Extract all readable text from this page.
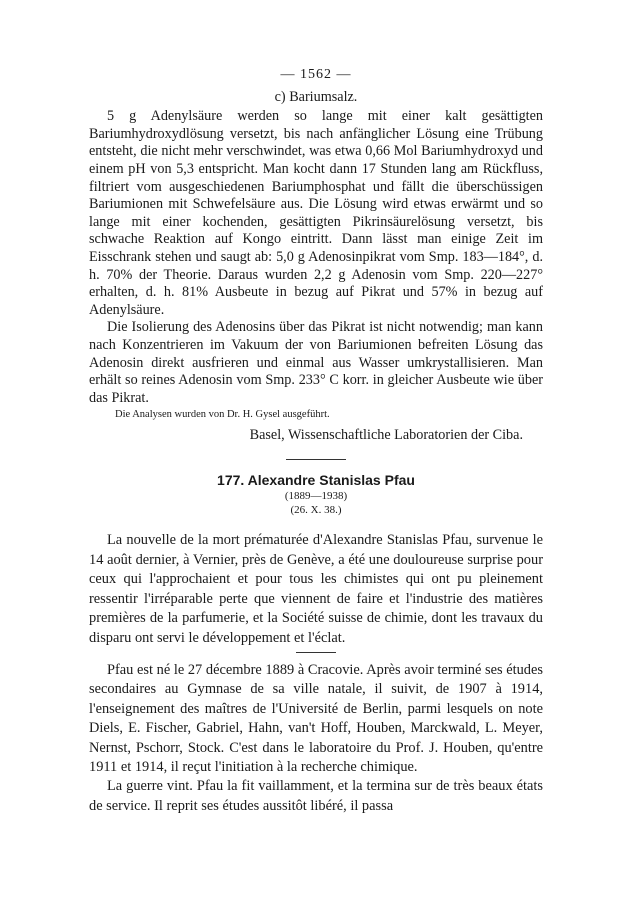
— 1562 —
c) Bariumsalz.

5 g Adenylsäure werden so lange mit einer kalt gesättigten Bariumhydroxydlösung versetzt, bis nach anfänglicher Lösung eine Trübung entsteht, die nicht mehr verschwindet, was etwa 0,66 Mol Bariumhydroxyd und einem pH von 5,3 entspricht. Man kocht dann 17 Stunden lang am Rückfluss, filtriert vom ausgeschiedenen Bariumphosphat und fällt die überschüssigen Bariumionen mit Schwefelsäure aus. Die Lösung wird etwas erwärmt und so lange mit einer kochenden, gesättigten Pikrinsäurelösung versetzt, bis schwache Reaktion auf Kongo eintritt. Dann lässt man einige Zeit im Eisschrank stehen und saugt ab: 5,0 g Adenosinpikrat vom Smp. 183—184°, d. h. 70% der Theorie. Daraus wurden 2,2 g Adenosin vom Smp. 220—227° erhalten, d. h. 81% Ausbeute in bezug auf Pikrat und 57% in bezug auf Adenylsäure.

Die Isolierung des Adenosins über das Pikrat ist nicht notwendig; man kann nach Konzentrieren im Vakuum der von Bariumionen befreiten Lösung das Adenosin direkt ausfrieren und einmal aus Wasser umkrystallisieren. Man erhält so reines Adenosin vom Smp. 233° C korr. in gleicher Ausbeute wie über das Pikrat.

Die Analysen wurden von Dr. H. Gysel ausgeführt.
Basel, Wissenschaftliche Laboratorien der Ciba.
177. Alexandre Stanislas Pfau
(1889—1938)
(26. X. 38.)

La nouvelle de la mort prématurée d'Alexandre Stanislas Pfau, survenue le 14 août dernier, à Vernier, près de Genève, a été une douloureuse surprise pour ceux qui l'approchaient et pour tous les chimistes qui ont pu pleinement ressentir l'irréparable perte que viennent de faire et l'industrie des matières premières de la parfumerie, et la Société suisse de chimie, dont les travaux du disparu ont servi le développement et l'éclat.

Pfau est né le 27 décembre 1889 à Cracovie. Après avoir terminé ses études secondaires au Gymnase de sa ville natale, il suivit, de 1907 à 1914, l'enseignement des maîtres de l'Université de Berlin, parmi lesquels on note Diels, E. Fischer, Gabriel, Hahn, van't Hoff, Houben, Marckwald, L. Meyer, Nernst, Pschorr, Stock. C'est dans le laboratoire du Prof. J. Houben, qu'entre 1911 et 1914, il reçut l'initiation à la recherche chimique.

La guerre vint. Pfau la fit vaillamment, et la termina sur de très beaux états de service. Il reprit ses études aussitôt libéré, il passa
